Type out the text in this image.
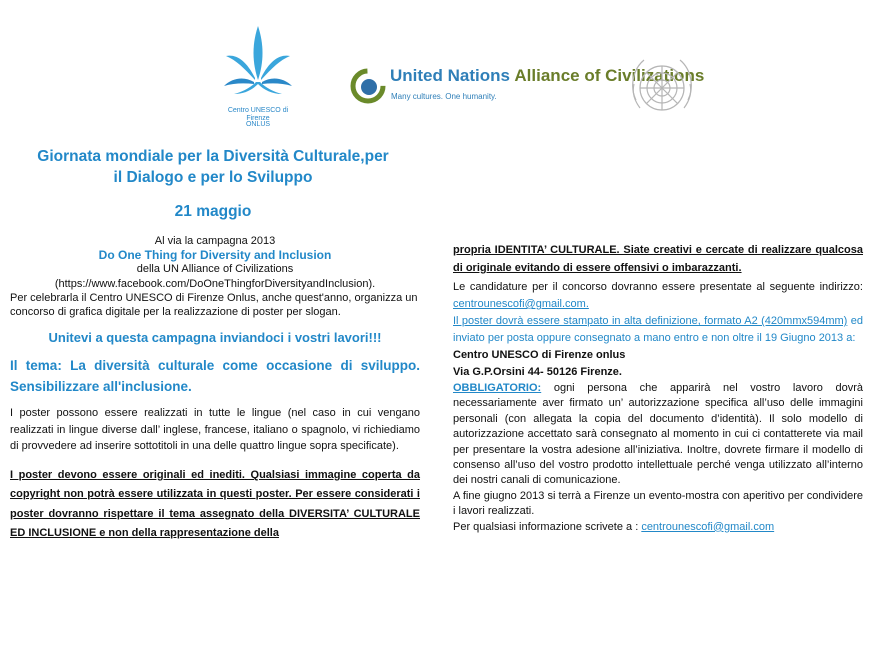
Centro UNESCO di Firenze
ONLUS
United Nations Alliance of Civilizations
Many cultures. One humanity.
Giornata mondiale per la Diversità Culturale,per
il Dialogo e per lo Sviluppo
21 maggio

Al via la campagna 2013

Do One Thing for Diversity and Inclusion

della UN Alliance of Civilizations

(https://www.facebook.com/DoOneThingforDiversityandInclusion).

Per celebrarla il Centro UNESCO di Firenze Onlus, anche quest'anno, organizza un concorso di grafica digitale per la realizzazione di poster per slogan.

Unitevi a questa campagna inviandoci i vostri lavori!!!

Il tema: La diversità culturale come occasione di sviluppo. Sensibilizzare all'inclusione.

I poster possono essere realizzati in tutte le lingue (nel caso in cui vengano realizzati in lingue diverse dall’ inglese, francese, italiano o spagnolo, vi richiediamo di provvedere ad inserire sottotitoli in una delle quattro lingue sopra specificate).

I poster devono essere originali ed inediti. Qualsiasi immagine coperta da copyright non potrà essere utilizzata in questi poster. Per essere considerati i poster dovranno rispettare il tema assegnato della DIVERSITA’ CULTURALE ED INCLUSIONE e non della rappresentazione della

propria IDENTITA’ CULTURALE. Siate creativi e cercate di realizzare qualcosa di originale evitando di essere offensivi o imbarazzanti.

Le candidature per il concorso dovranno essere presentate al seguente indirizzo: centrounescofi@gmail.com.

Il poster dovrà essere stampato in alta definizione, formato A2 (420mmx594mm) ed inviato per posta oppure consegnato a mano entro e non oltre il 19 Giugno 2013 a:

Centro UNESCO di Firenze onlus

Via G.P.Orsini 44- 50126 Firenze.

OBBLIGATORIO: ogni persona che apparirà nel vostro lavoro dovrà necessariamente aver firmato un’ autorizzazione specifica all’uso delle immagini personali (con allegata la copia del documento d’identità). Il solo modello di autorizzazione accettato sarà consegnato al momento in cui ci contatterete via mail per presentare la vostra adesione all’iniziativa. Inoltre, dovrete firmare il modello di consenso all’uso del vostro prodotto intellettuale perché venga utilizzato all’interno dei nostri canali di comunicazione.

A fine giugno 2013 si terrà a Firenze un evento-mostra con aperitivo per condividere i lavori realizzati.

Per qualsiasi informazione scrivete a : centrounescofi@gmail.com
